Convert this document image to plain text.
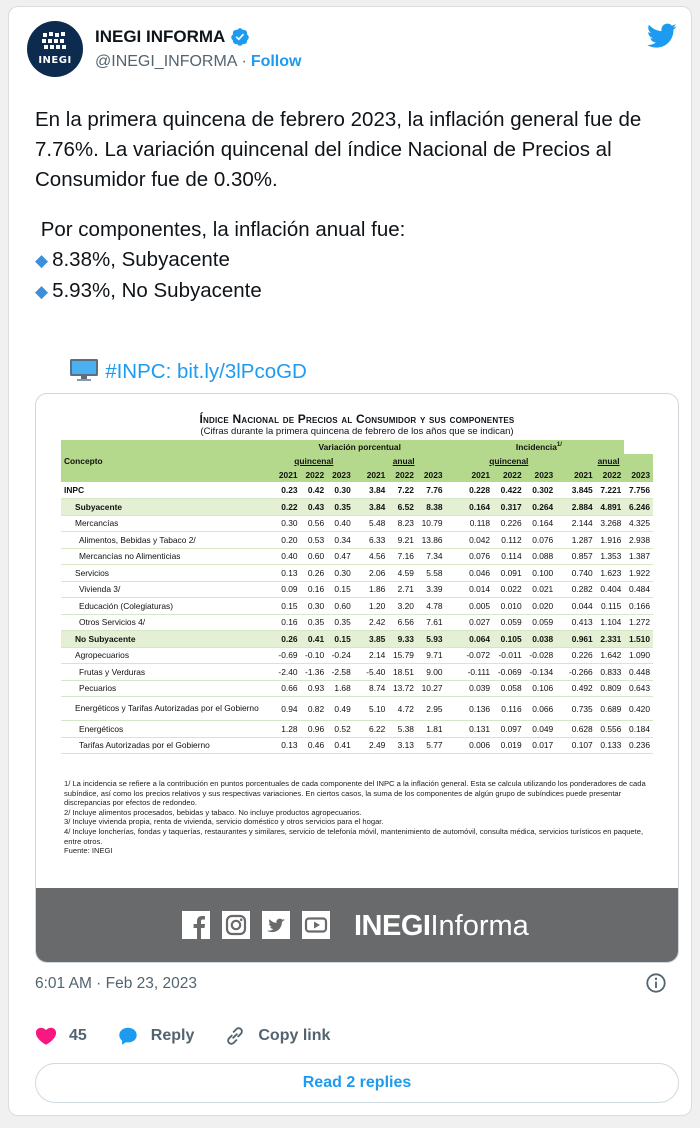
INEGI
INEGI INFORMA
@INEGI_INFORMA · Follow

En la primera quincena de febrero 2023, la inflación general fue de 7.76%. La variación quincenal del índice Nacional de Precios al Consumidor fue de 0.30%.

Por componentes, la inflación anual fue:

◆ 8.38%, Subyacente

◆ 5.93%, No Subyacente

#INPC: bit.ly/3lPcoGD

Índice Nacional de Precios al Consumidor y sus componentes
(Cifras durante la primera quincena de febrero de los años que se indican)
Concepto	Variación porcentual								Incidencia$^{1/}$
	quincenal				anual					quincenal				anual		
	2021	2022	2023		2021	2022	2023			2021	2022	2023		2021	2022	2023
INPC	0.23	0.42	0.30		3.84	7.22	7.76			0.228	0.422	0.302		3.845	7.221	7.756
Subyacente	0.22	0.43	0.35		3.84	6.52	8.38			0.164	0.317	0.264		2.884	4.891	6.246
Mercancías	0.30	0.56	0.40		5.48	8.23	10.79			0.118	0.226	0.164		2.144	3.268	4.325
Alimentos, Bebidas y Tabaco 2/	0.20	0.53	0.34		6.33	9.21	13.86			0.042	0.112	0.076		1.287	1.916	2.938
Mercancías no Alimenticias	0.40	0.60	0.47		4.56	7.16	7.34			0.076	0.114	0.088		0.857	1.353	1.387
Servicios	0.13	0.26	0.30		2.06	4.59	5.58			0.046	0.091	0.100		0.740	1.623	1.922
Vivienda 3/	0.09	0.16	0.15		1.86	2.71	3.39			0.014	0.022	0.021		0.282	0.404	0.484
Educación (Colegiaturas)	0.15	0.30	0.60		1.20	3.20	4.78			0.005	0.010	0.020		0.044	0.115	0.166
Otros Servicios 4/	0.16	0.35	0.35		2.42	6.56	7.61			0.027	0.059	0.059		0.413	1.104	1.272
No Subyacente	0.26	0.41	0.15		3.85	9.33	5.93			0.064	0.105	0.038		0.961	2.331	1.510
Agropecuarios	-0.69	-0.10	-0.24		2.14	15.79	9.71			-0.072	-0.011	-0.028		0.226	1.642	1.090
Frutas y Verduras	-2.40	-1.36	-2.58		-5.40	18.51	9.00			-0.111	-0.069	-0.134		-0.266	0.833	0.448
Pecuarios	0.66	0.93	1.68		8.74	13.72	10.27			0.039	0.058	0.106		0.492	0.809	0.643
Energéticos y Tarifas Autorizadas por el Gobierno	0.94	0.82	0.49		5.10	4.72	2.95			0.136	0.116	0.066		0.735	0.689	0.420
Energéticos	1.28	0.96	0.52		6.22	5.38	1.81			0.131	0.097	0.049		0.628	0.556	0.184
Tarifas Autorizadas por el Gobierno	0.13	0.46	0.41		2.49	3.13	5.77			0.006	0.019	0.017		0.107	0.133	0.236
1/ La incidencia se refiere a la contribución en puntos porcentuales de cada componente del INPC a la inflación general. Esta se calcula utilizando los ponderadores de cada subíndice, así como los precios relativos y sus respectivas variaciones. En ciertos casos, la suma de los componentes de algún grupo de subíndices puede presentar discrepancias por efectos de redondeo.
2/ Incluye alimentos procesados, bebidas y tabaco. No incluye productos agropecuarios.
3/ Incluye vivienda propia, renta de vivienda, servicio doméstico y otros servicios para el hogar.
4/ Incluye loncherías, fondas y taquerías, restaurantes y similares, servicio de telefonía móvil, mantenimiento de automóvil, consulta médica, servicios turísticos en paquete, entre otros.
Fuente: INEGI
INEGIInforma
6:01 AM · Feb 23, 2023
45	Reply	Copy link
Read 2 replies
